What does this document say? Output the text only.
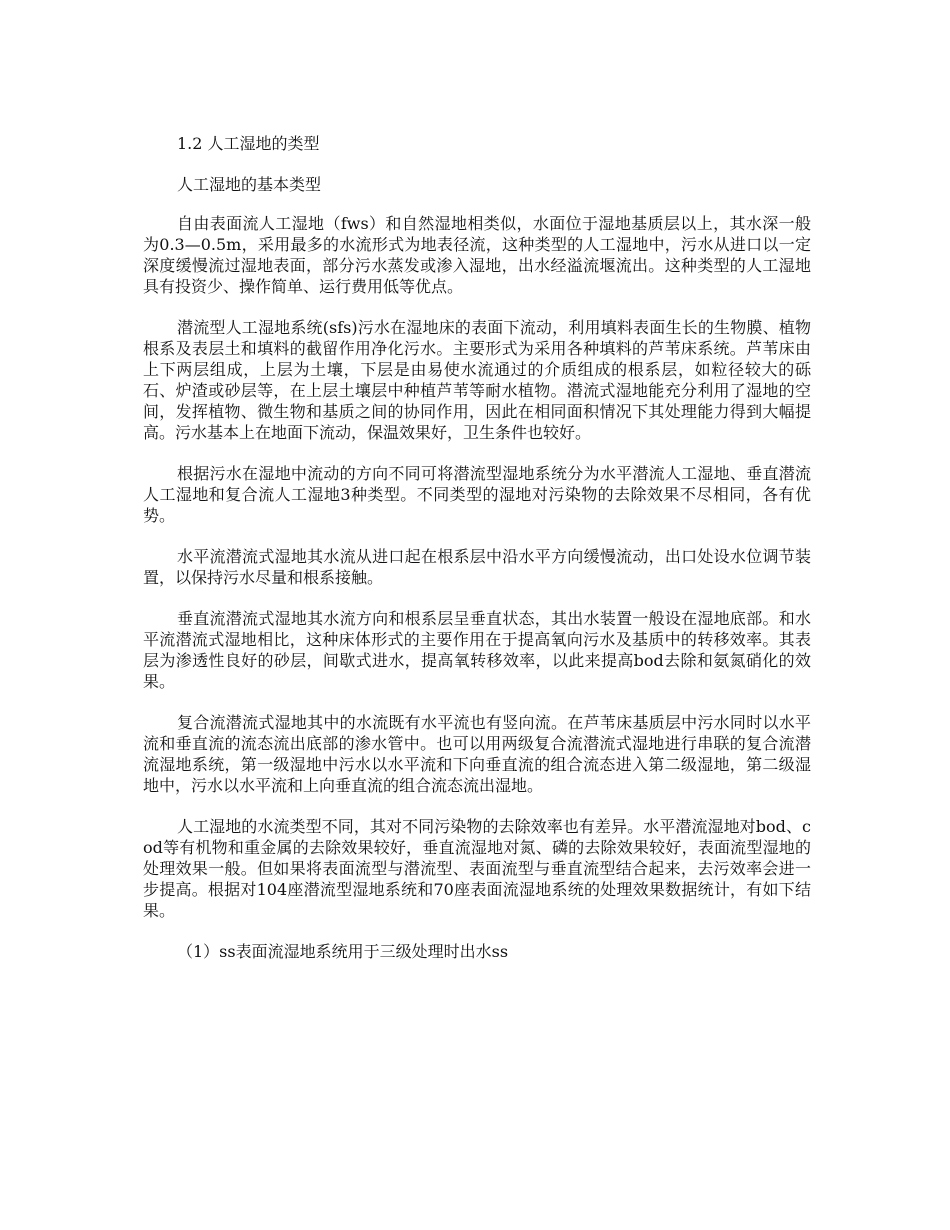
1.2 人工湿地的类型

人工湿地的基本类型

自由表面流人工湿地（fws）和自然湿地相类似，水面位于湿地基质层以上，其水深一般为0.3—0.5m，采用最多的水流形式为地表径流，这种类型的人工湿地中，污水从进口以一定深度缓慢流过湿地表面，部分污水蒸发或渗入湿地，出水经溢流堰流出。这种类型的人工湿地具有投资少、操作简单、运行费用低等优点。

潜流型人工湿地系统(sfs)污水在湿地床的表面下流动，利用填料表面生长的生物膜、植物根系及表层土和填料的截留作用净化污水。主要形式为采用各种填料的芦苇床系统。芦苇床由上下两层组成，上层为土壤，下层是由易使水流通过的介质组成的根系层，如粒径较大的砾石、炉渣或砂层等，在上层土壤层中种植芦苇等耐水植物。潜流式湿地能充分利用了湿地的空间，发挥植物、微生物和基质之间的协同作用，因此在相同面积情况下其处理能力得到大幅提高。污水基本上在地面下流动，保温效果好，卫生条件也较好。

根据污水在湿地中流动的方向不同可将潜流型湿地系统分为水平潜流人工湿地、垂直潜流人工湿地和复合流人工湿地3种类型。不同类型的湿地对污染物的去除效果不尽相同，各有优势。

水平流潜流式湿地其水流从进口起在根系层中沿水平方向缓慢流动，出口处设水位调节装置，以保持污水尽量和根系接触。

垂直流潜流式湿地其水流方向和根系层呈垂直状态，其出水装置一般设在湿地底部。和水平流潜流式湿地相比，这种床体形式的主要作用在于提高氧向污水及基质中的转移效率。其表层为渗透性良好的砂层，间歇式进水，提高氧转移效率，以此来提高bod去除和氨氮硝化的效果。

复合流潜流式湿地其中的水流既有水平流也有竖向流。在芦苇床基质层中污水同时以水平流和垂直流的流态流出底部的渗水管中。也可以用两级复合流潜流式湿地进行串联的复合流潜流湿地系统，第一级湿地中污水以水平流和下向垂直流的组合流态进入第二级湿地，第二级湿地中，污水以水平流和上向垂直流的组合流态流出湿地。

人工湿地的水流类型不同，其对不同污染物的去除效率也有差异。水平潜流湿地对bod、cod等有机物和重金属的去除效果较好，垂直流湿地对氮、磷的去除效果较好，表面流型湿地的处理效果一般。但如果将表面流型与潜流型、表面流型与垂直流型结合起来，去污效率会进一步提高。根据对104座潜流型湿地系统和70座表面流湿地系统的处理效果数据统计，有如下结果。

（1）ss表面流湿地系统用于三级处理时出水ss
